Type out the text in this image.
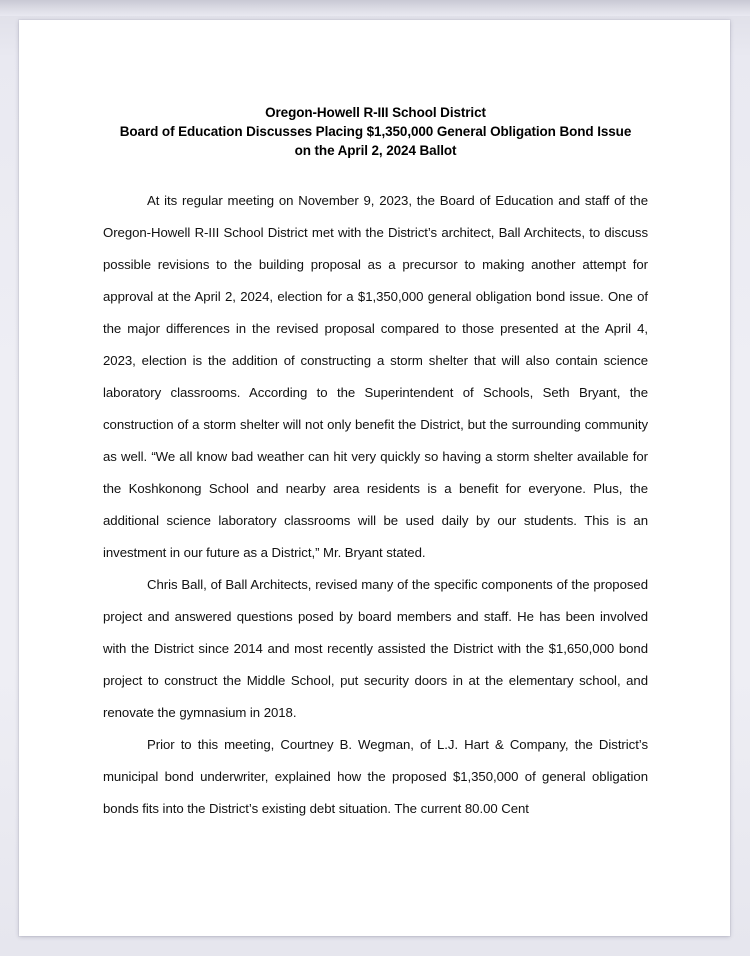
Oregon-Howell R-III School District
Board of Education Discusses Placing $1,350,000 General Obligation Bond Issue
on the April 2, 2024 Ballot

At its regular meeting on November 9, 2023, the Board of Education and staff of the Oregon-Howell R-III School District met with the District’s architect, Ball Architects, to discuss possible revisions to the building proposal as a precursor to making another attempt for approval at the April 2, 2024, election for a $1,350,000 general obligation bond issue. One of the major differences in the revised proposal compared to those presented at the April 4, 2023, election is the addition of constructing a storm shelter that will also contain science laboratory classrooms. According to the Superintendent of Schools, Seth Bryant, the construction of a storm shelter will not only benefit the District, but the surrounding community as well. “We all know bad weather can hit very quickly so having a storm shelter available for the Koshkonong School and nearby area residents is a benefit for everyone. Plus, the additional science laboratory classrooms will be used daily by our students. This is an investment in our future as a District,” Mr. Bryant stated.

Chris Ball, of Ball Architects, revised many of the specific components of the proposed project and answered questions posed by board members and staff. He has been involved with the District since 2014 and most recently assisted the District with the $1,650,000 bond project to construct the Middle School, put security doors in at the elementary school, and renovate the gymnasium in 2018.

Prior to this meeting, Courtney B. Wegman, of L.J. Hart & Company, the District’s municipal bond underwriter, explained how the proposed $1,350,000 of general obligation bonds fits into the District’s existing debt situation. The current 80.00 Cent
